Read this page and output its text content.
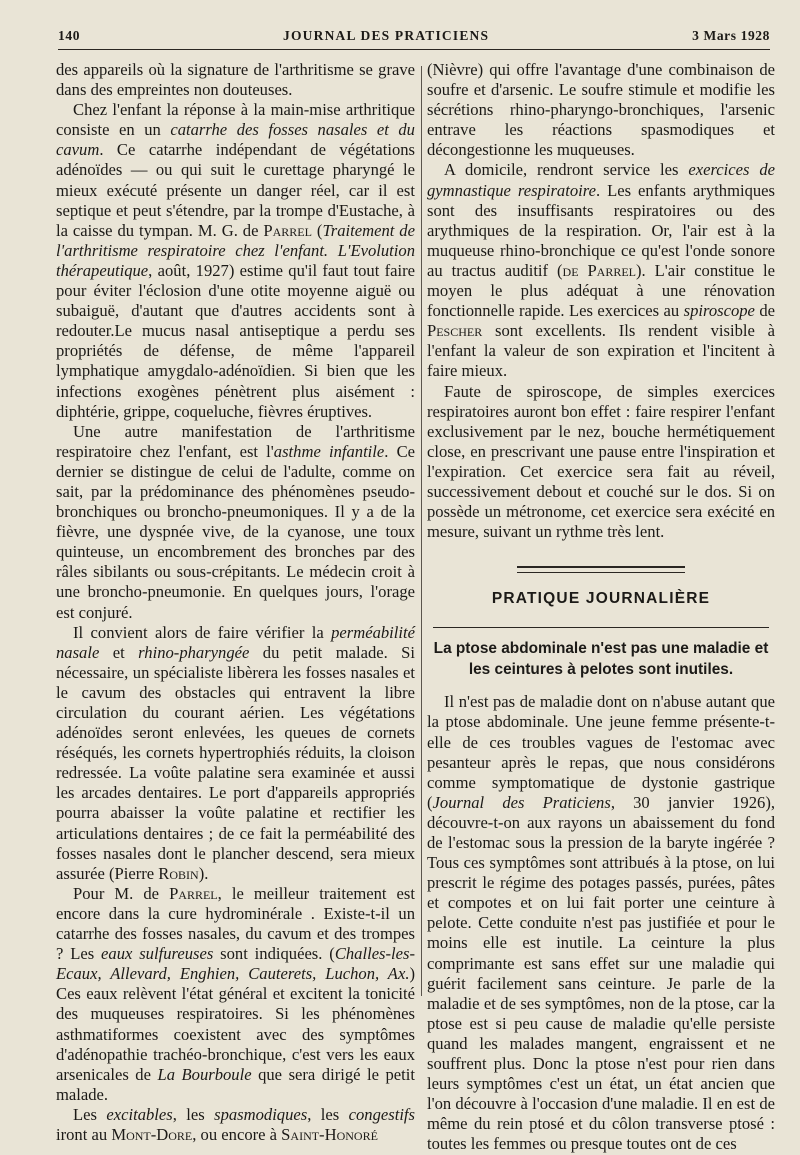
140	JOURNAL DES PRATICIENS	3 Mars 1928

des appareils où la signature de l'arthritisme se grave dans des empreintes non douteuses.

Chez l'enfant la réponse à la main-mise arthritique consiste en un catarrhe des fosses nasales et du cavum. Ce catarrhe indépendant de végétations adénoïdes — ou qui suit le curettage pharyngé le mieux exécuté présente un danger réel, car il est septique et peut s'étendre, par la trompe d'Eustache, à la caisse du tympan. M. G. de Parrel (Traitement de l'arthritisme respiratoire chez l'enfant. L'Evolution thérapeutique, août, 1927) estime qu'il faut tout faire pour éviter l'éclosion d'une otite moyenne aiguë ou subaiguë, d'autant que d'autres accidents sont à redouter.Le mucus nasal antiseptique a perdu ses propriétés de défense, de même l'appareil lymphatique amygdalo-adénoïdien. Si bien que les infections exogènes pénètrent plus aisément : diphtérie, grippe, coqueluche, fièvres éruptives.

Une autre manifestation de l'arthritisme respiratoire chez l'enfant, est l'asthme infantile. Ce dernier se distingue de celui de l'adulte, comme on sait, par la prédominance des phénomènes pseudo-bronchiques ou broncho-pneumoniques. Il y a de la fièvre, une dyspnée vive, de la cyanose, une toux quinteuse, un encombrement des bronches par des râles sibilants ou sous-crépitants. Le médecin croit à une broncho-pneumonie. En quelques jours, l'orage est conjuré.

Il convient alors de faire vérifier la perméabilité nasale et rhino-pharyngée du petit malade. Si nécessaire, un spécialiste libèrera les fosses nasales et le cavum des obstacles qui entravent la libre circulation du courant aérien. Les végétations adénoïdes seront enlevées, les queues de cornets réséqués, les cornets hypertrophiés réduits, la cloison redressée. La voûte palatine sera examinée et aussi les arcades dentaires. Le port d'appareils appropriés pourra abaisser la voûte palatine et rectifier les articulations dentaires ; de ce fait la perméabilité des fosses nasales dont le plancher descend, sera mieux assurée (Pierre Robin).

Pour M. de Parrel, le meilleur traitement est encore dans la cure hydrominérale . Existe-t-il un catarrhe des fosses nasales, du cavum et des trompes ? Les eaux sulfureuses sont indiquées. (Challes-les-Ecaux, Allevard, Enghien, Cauterets, Luchon, Ax.) Ces eaux relèvent l'état général et excitent la tonicité des muqueuses respiratoires. Si les phénomènes asthmatiformes coexistent avec des symptômes d'adénopathie trachéo-bronchique, c'est vers les eaux arsenicales de La Bourboule que sera dirigé le petit malade.

Les excitables, les spasmodiques, les congestifs iront au Mont-Dore, ou encore à Saint-Honoré

(Nièvre) qui offre l'avantage d'une combinaison de soufre et d'arsenic. Le soufre stimule et modifie les sécrétions rhino-pharyngo-bronchiques, l'arsenic entrave les réactions spasmodiques et décongestionne les muqueuses.

A domicile, rendront service les exercices de gymnastique respiratoire. Les enfants arythmiques sont des insuffisants respiratoires ou des arythmiques de la respiration. Or, l'air est à la muqueuse rhino-bronchique ce qu'est l'onde sonore au tractus auditif (de Parrel). L'air constitue le moyen le plus adéquat à une rénovation fonctionnelle rapide. Les exercices au spiroscope de Pescher sont excellents. Ils rendent visible à l'enfant la valeur de son expiration et l'incitent à faire mieux.

Faute de spiroscope, de simples exercices respiratoires auront bon effet : faire respirer l'enfant exclusivement par le nez, bouche hermétiquement close, en prescrivant une pause entre l'inspiration et l'expiration. Cet exercice sera fait au réveil, successivement debout et couché sur le dos. Si on possède un métronome, cet exercice sera exécité en mesure, suivant un rythme très lent.

PRATIQUE JOURNALIÈRE
La ptose abdominale n'est pas une maladie et les ceintures à pelotes sont inutiles.

Il n'est pas de maladie dont on n'abuse autant que la ptose abdominale. Une jeune femme présente-t-elle de ces troubles vagues de l'estomac avec pesanteur après le repas, que nous considérons comme symptomatique de dystonie gastrique (Journal des Praticiens, 30 janvier 1926), découvre-t-on aux rayons un abaissement du fond de l'estomac sous la pression de la baryte ingérée ? Tous ces symptômes sont attribués à la ptose, on lui prescrit le régime des potages passés, purées, pâtes et compotes et on lui fait porter une ceinture à pelote. Cette conduite n'est pas justifiée et pour le moins elle est inutile. La ceinture la plus comprimante est sans effet sur une maladie qui guérit facilement sans ceinture. Je parle de la maladie et de ses symptômes, non de la ptose, car la ptose est si peu cause de maladie qu'elle persiste quand les malades mangent, engraissent et ne souffrent plus. Donc la ptose n'est pour rien dans leurs symptômes c'est un état, un état ancien que l'on découvre à l'occasion d'une maladie. Il en est de même du rein ptosé et du côlon transverse ptosé : toutes les femmes ou presque toutes ont de ces
